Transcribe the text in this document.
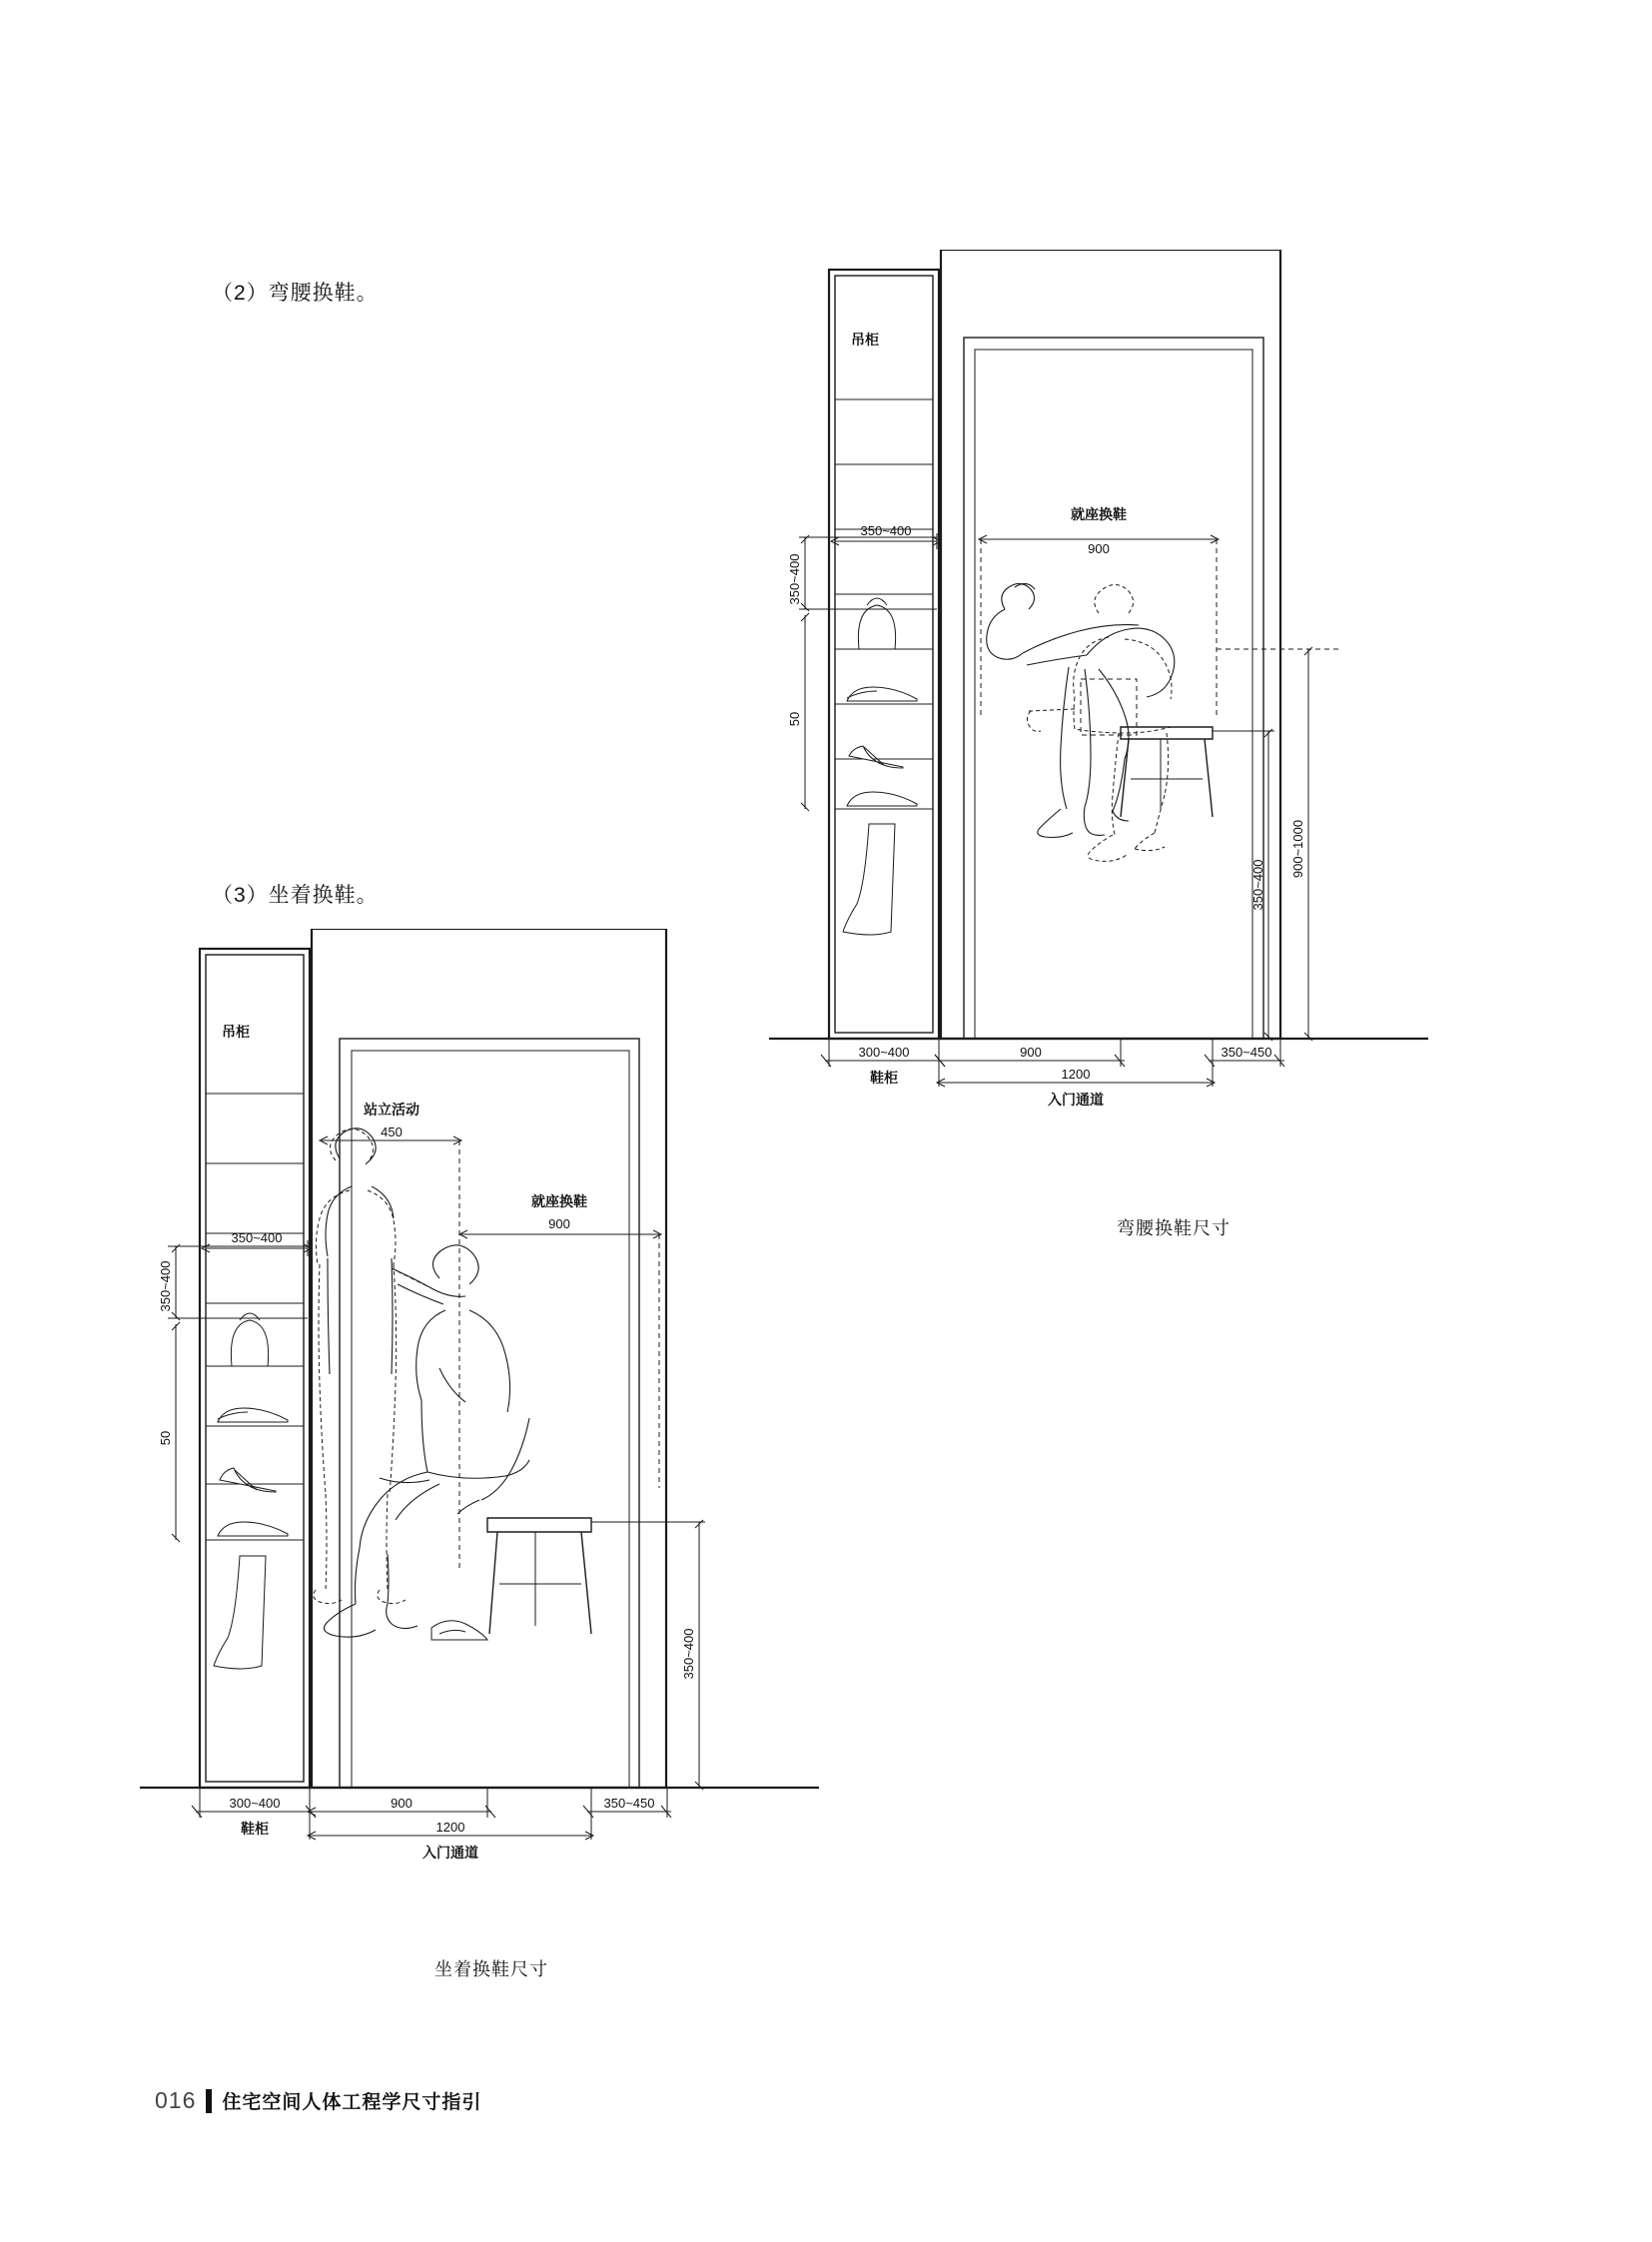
（2）弯腰换鞋。
（3）坐着换鞋。
吊柜
350~400
50
350~400
就座换鞋
900
900~1000
350~400
300~400
鞋柜
900	350~450
1200
入门通道
弯腰换鞋尺寸
吊柜
350~400
50
350~400
站立活动
450
就座换鞋
900
350~400
300~400
鞋柜
900	350~450
1200
入门通道
坐着换鞋尺寸
016 住宅空间人体工程学尺寸指引
